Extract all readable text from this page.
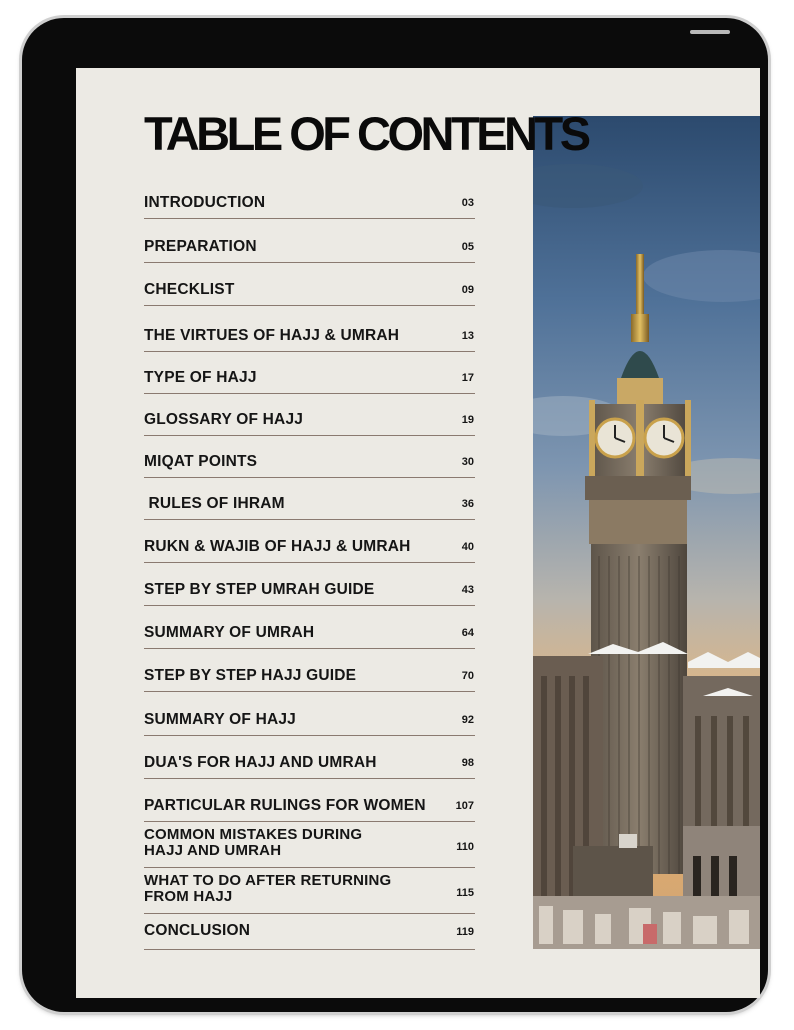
TABLE OF CONTENTS
INTRODUCTION	03
PREPARATION	05
CHECKLIST	09
THE VIRTUES OF HAJJ & UMRAH	13
TYPE OF HAJJ	17
GLOSSARY OF HAJJ	19
MIQAT POINTS	30
RULES OF IHRAM	36
RUKN & WAJIB OF HAJJ & UMRAH	40
STEP BY STEP UMRAH GUIDE	43
SUMMARY OF UMRAH	64
STEP BY STEP HAJJ GUIDE	70
SUMMARY OF HAJJ	92
DUA'S FOR HAJJ AND UMRAH	98
PARTICULAR RULINGS FOR WOMEN	107
COMMON MISTAKES DURING
HAJJ AND UMRAH	110
WHAT TO DO AFTER RETURNING
FROM HAJJ	115
CONCLUSION	119
